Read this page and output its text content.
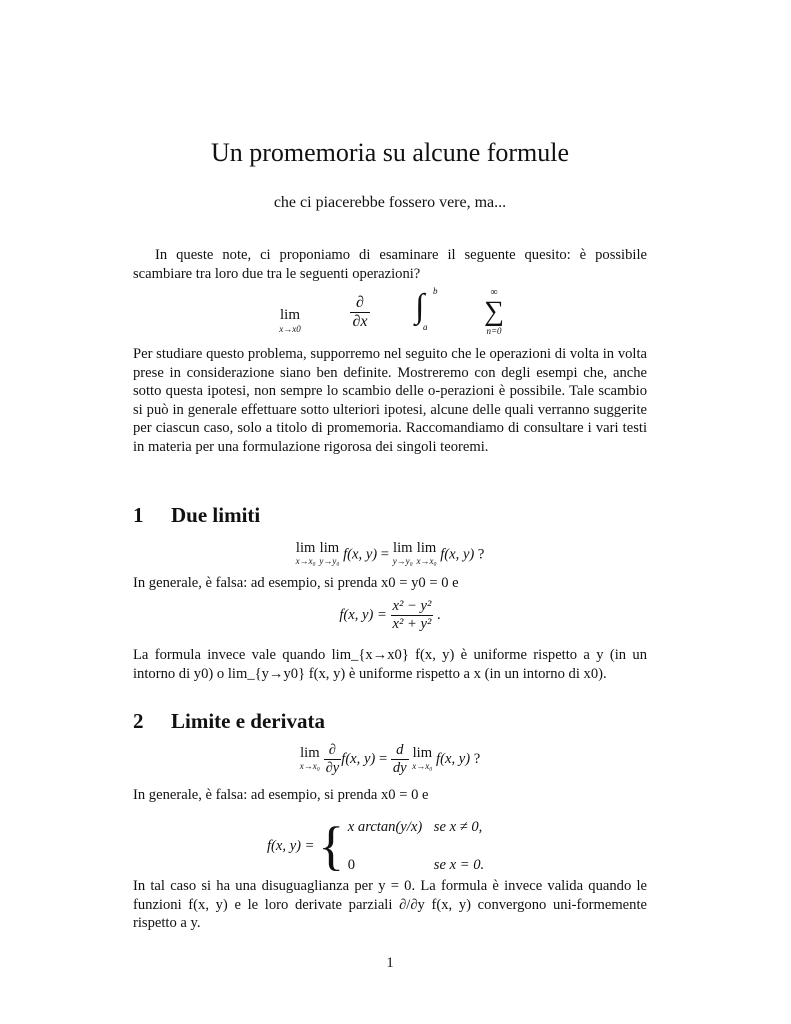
Un promemoria su alcune formule
che ci piacerebbe fossero vere, ma...

In queste note, ci proponiamo di esaminare il seguente quesito: è possibile scambiare tra loro due tra le seguenti operazioni?

lim
x→x0	$\frac{\partial}{\partial x}$
b
∫
a
∞
∑
n=0

Per studiare questo problema, supporremo nel seguito che le operazioni di volta in volta prese in considerazione siano ben definite. Mostreremo con degli esempi che, anche sotto questa ipotesi, non sempre lo scambio delle o-perazioni è possibile. Tale scambio si può in generale effettuare sotto ulteriori ipotesi, alcune delle quali verranno suggerite per ciascun caso, solo a titolo di promemoria. Raccomandiamo di consultare i vari testi in materia per una formulazione rigorosa dei singoli teoremi.

1 Due limiti
lim
x→x₀
lim
y→y₀ f(x, y) = lim
y→y₀
lim
x→x₀ f(x, y) ?

In generale, è falsa: ad esempio, si prenda x0 = y0 = 0 e

f(x, $y) = \frac{\text{x² − y²}}{\text{x² + y²}}$ .

La formula invece vale quando lim_{x→x0} f(x, y) è uniforme rispetto a y (in un intorno di y0) o lim_{y→y0} f(x, y) è uniforme rispetto a x (in un intorno di x0).

2 Limite e derivata
lim
x→x₀
$\frac{\partial}{\partial y} f(x$, $y) = \frac{d}{dy}$ lim
x→x₀ f(x, y) ?

In generale, è falsa: ad esempio, si prenda x0 = 0 e

f(x, y) = { x arctan(y/x) se x ≠ 0,
0	se x = 0.

In tal caso si ha una disuguaglianza per y = 0. La formula è invece valida quando le funzioni f(x, y) e le loro derivate parziali ∂/∂y f(x, y) convergono uni-formemente rispetto a y.

1
